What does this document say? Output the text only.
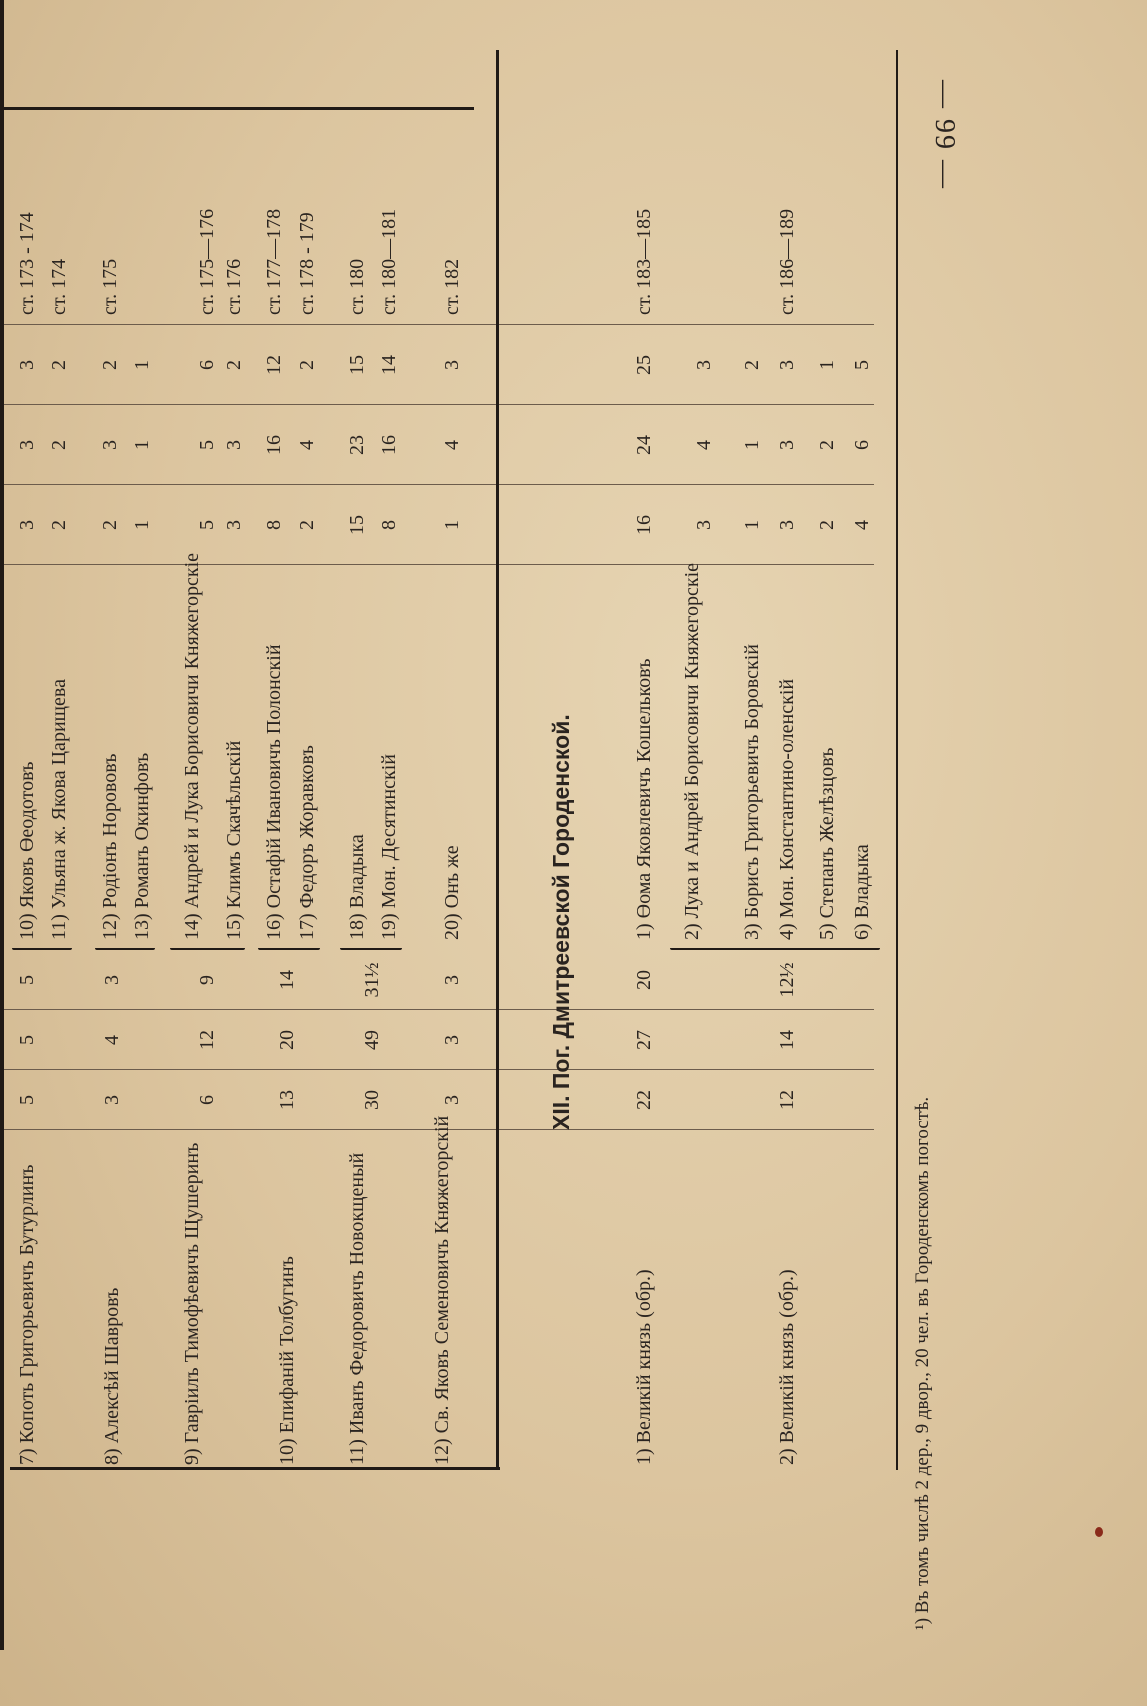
— 99 —
7) Копоть Григорьевичъ Бутурлинъ
5
5
5
10) Яковъ Өеодотовъ
3
3
3
ст. 173 - 174
11) Ульяна ж. Якова Царищева
2
2
2
ст. 174
8) Алексѣй Шавровъ
3
4
3
12) Родіонъ Норововъ
2
3
2
ст. 175
13) Романъ Окинфовъ
1
1
1
9) Гавріилъ Тимофѣевичъ Щушеринъ
6
12
9
14) Андрей и Лука Борисовичи Княжегорскіе
5
5
6
ст. 175—176
15) Климъ Скачѣльскій
3
3
2
ст. 176
10) Епифаній Толбугинъ
13
20
14
16) Остафій Ивановичъ Полонскій
8
16
12
ст. 177—178
17) Федоръ Жоравковъ
2
4
2
ст. 178 - 179
11) Иванъ Федоровичъ Новокщеный
30
49
31½
18) Владыка
15
23
15
ст. 180
19) Мон. Десятинскій
8
16
14
ст. 180—181
12) Св. Яковъ Семеновичъ Княжегорскій
3
3
3
20) Онъ же
1
4
3
ст. 182
XII. Пог. Дмитреевской Городенской.
1) Великій князь (обр.)
22
27
20
1) Өома Яковлевичъ Кошельковъ
16
24
25
ст. 183—185
2) Великій князь (обр.)
12
14
12½
2) Лука и Андрей Борисовичи Княжегорскіе
3
4
3
3) Борисъ Григорьевичъ Боровскій
1
1
2
4) Мон. Константино-оленскій
3
3
3
ст. 186—189
5) Степанъ Желѣзцовъ
2
2
1
6) Владыка
4
6
5
¹) Въ томъ числѣ 2 дер., 9 двор., 20 чел. въ Городенскомъ погостѣ.
